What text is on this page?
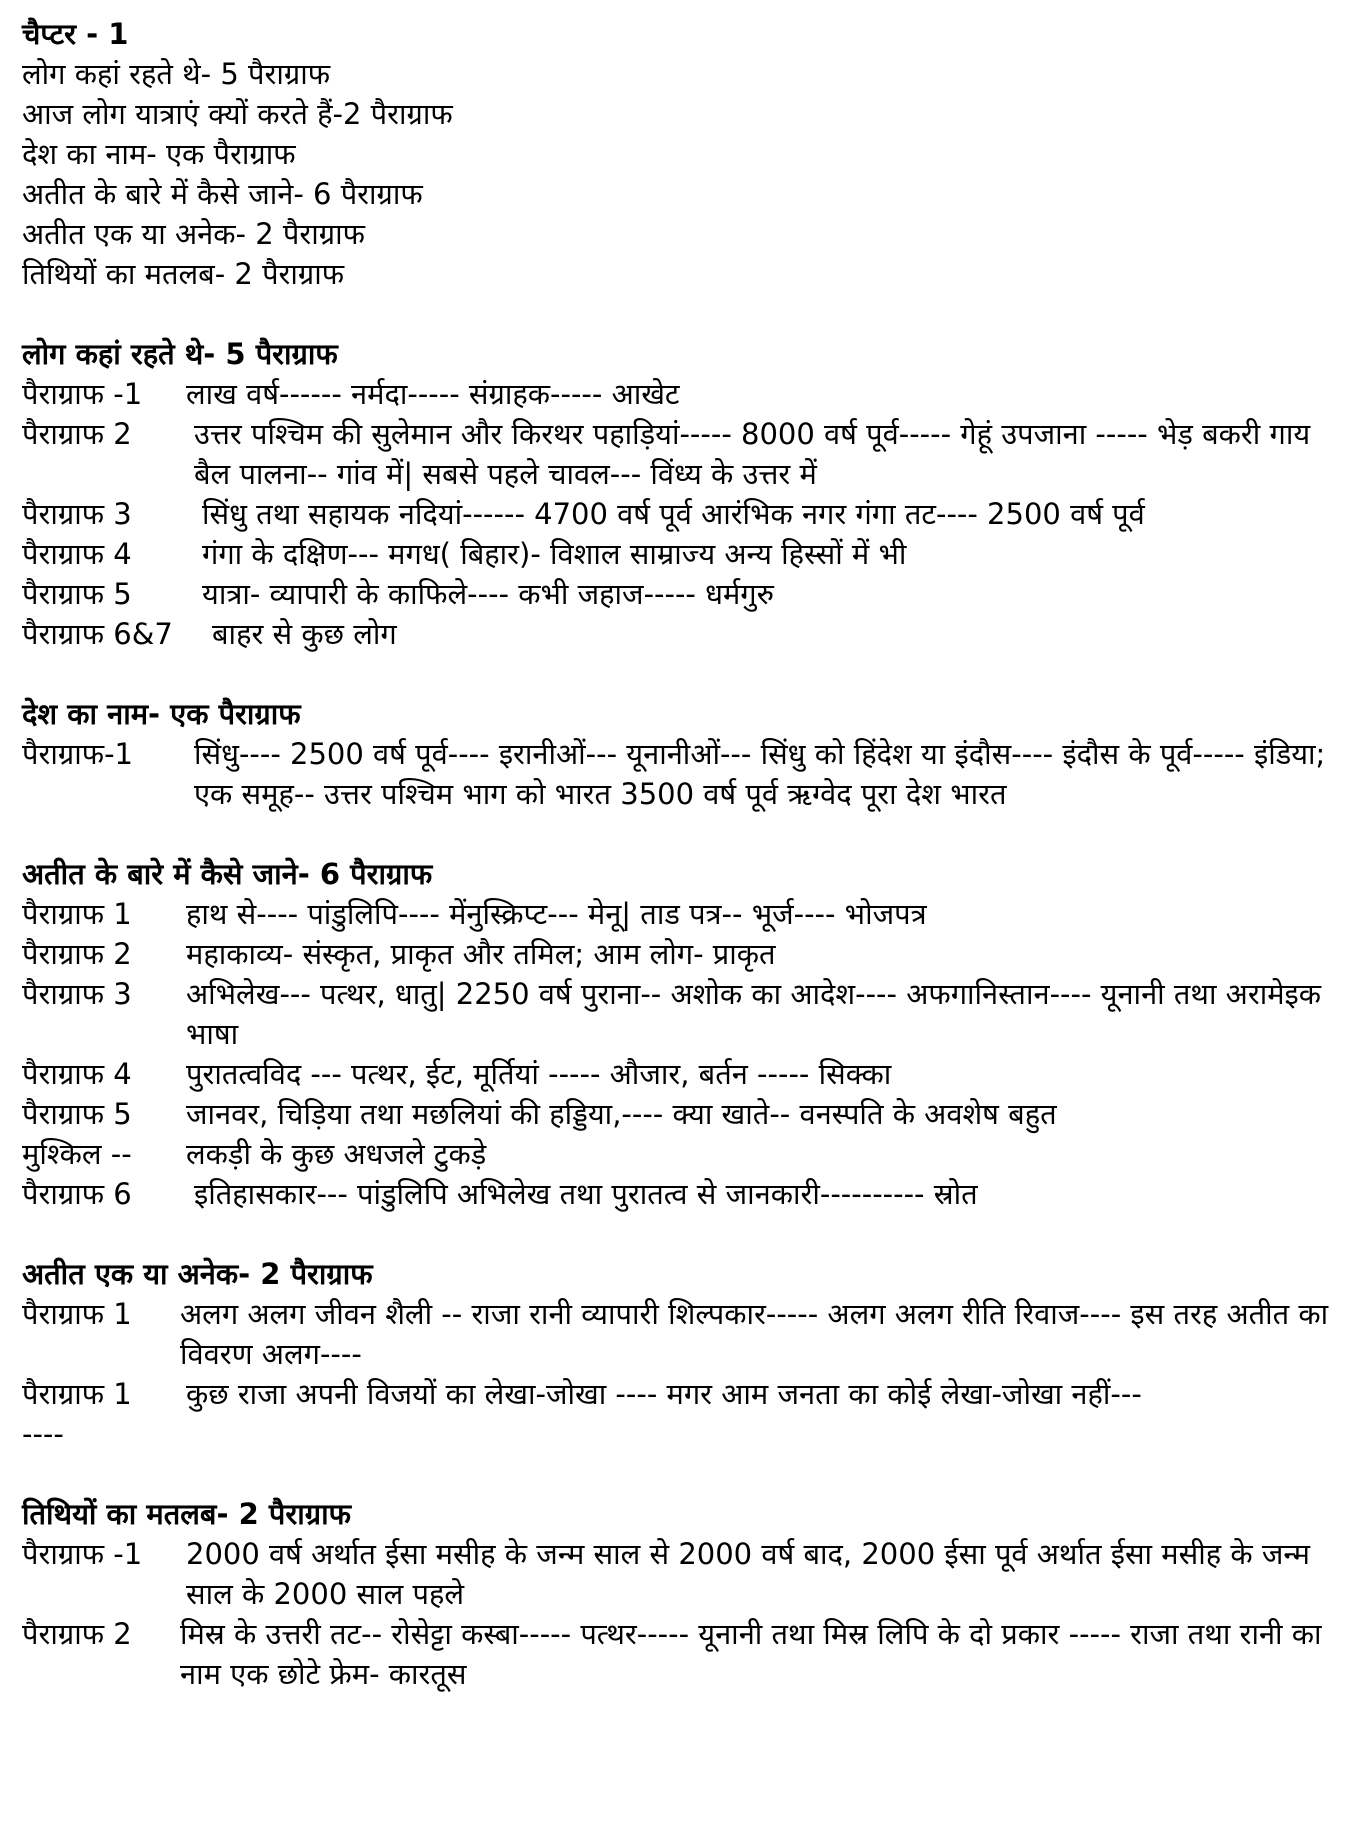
चैप्टर - 1
लोग कहां रहते थे- 5 पैराग्राफ
आज लोग यात्राएं क्यों करते हैं-2 पैराग्राफ
देश का नाम- एक पैराग्राफ
अतीत के बारे में कैसे जाने- 6 पैराग्राफ
अतीत एक या अनेक- 2 पैराग्राफ
तिथियों का मतलब- 2 पैराग्राफ
लोग कहां रहते थे- 5 पैराग्राफ
पैराग्राफ -1	लाख वर्ष------ नर्मदा----- संग्राहक----- आखेट
पैराग्राफ 2	उत्तर पश्चिम की सुलेमान और किरथर पहाड़ियां----- 8000 वर्ष पूर्व----- गेहूं उपजाना ----- भेड़ बकरी गाय बैल पालना-- गांव में| सबसे पहले चावल--- विंध्य के उत्तर में
पैराग्राफ 3	सिंधु तथा सहायक नदियां------ 4700 वर्ष पूर्व आरंभिक नगर गंगा तट---- 2500 वर्ष पूर्व
पैराग्राफ 4	गंगा के दक्षिण--- मगध( बिहार)- विशाल साम्राज्य अन्य हिस्सों में भी
पैराग्राफ 5	यात्रा- व्यापारी के काफिले---- कभी जहाज----- धर्मगुरु
पैराग्राफ 6&7	बाहर से कुछ लोग
देश का नाम- एक पैराग्राफ
पैराग्राफ-1	सिंधु---- 2500 वर्ष पूर्व---- इरानीओं--- यूनानीओं--- सिंधु को हिंदेश या इंदौस---- इंदौस के पूर्व----- इंडिया; एक समूह-- उत्तर पश्चिम भाग को भारत 3500 वर्ष पूर्व ऋग्वेद पूरा देश भारत
अतीत के बारे में कैसे जाने- 6 पैराग्राफ
पैराग्राफ 1	हाथ से---- पांडुलिपि---- मेंनुस्क्रिप्ट--- मेनू| ताड पत्र-- भूर्ज---- भोजपत्र
पैराग्राफ 2	महाकाव्य- संस्कृत, प्राकृत और तमिल; आम लोग- प्राकृत
पैराग्राफ 3	अभिलेख--- पत्थर, धातु| 2250 वर्ष पुराना-- अशोक का आदेश---- अफगानिस्तान---- यूनानी तथा अरामेइक भाषा
पैराग्राफ 4	पुरातत्वविद --- पत्थर, ईट, मूर्तियां ----- औजार, बर्तन ----- सिक्का
पैराग्राफ 5	जानवर, चिड़िया तथा मछलियां की हड्डिया,---- क्या खाते-- वनस्पति के अवशेष बहुत
मुश्किल --	लकड़ी के कुछ अधजले टुकड़े
पैराग्राफ 6	इतिहासकार--- पांडुलिपि अभिलेख तथा पुरातत्व से जानकारी---------- स्रोत
अतीत एक या अनेक- 2 पैराग्राफ
पैराग्राफ 1	अलग अलग जीवन शैली -- राजा रानी व्यापारी शिल्पकार----- अलग अलग रीति रिवाज---- इस तरह अतीत का विवरण अलग----
पैराग्राफ 1	कुछ राजा अपनी विजयों का लेखा-जोखा ---- मगर आम जनता का कोई लेखा-जोखा नहीं---
----
तिथियों का मतलब- 2 पैराग्राफ
पैराग्राफ -1	2000 वर्ष अर्थात ईसा मसीह के जन्म साल से 2000 वर्ष बाद, 2000 ईसा पूर्व अर्थात ईसा मसीह के जन्म साल के 2000 साल पहले
पैराग्राफ 2	मिस्र के उत्तरी तट-- रोसेट्टा कस्बा----- पत्थर----- यूनानी तथा मिस्र लिपि के दो प्रकार ----- राजा तथा रानी का नाम एक छोटे फ्रेम- कारतूस
